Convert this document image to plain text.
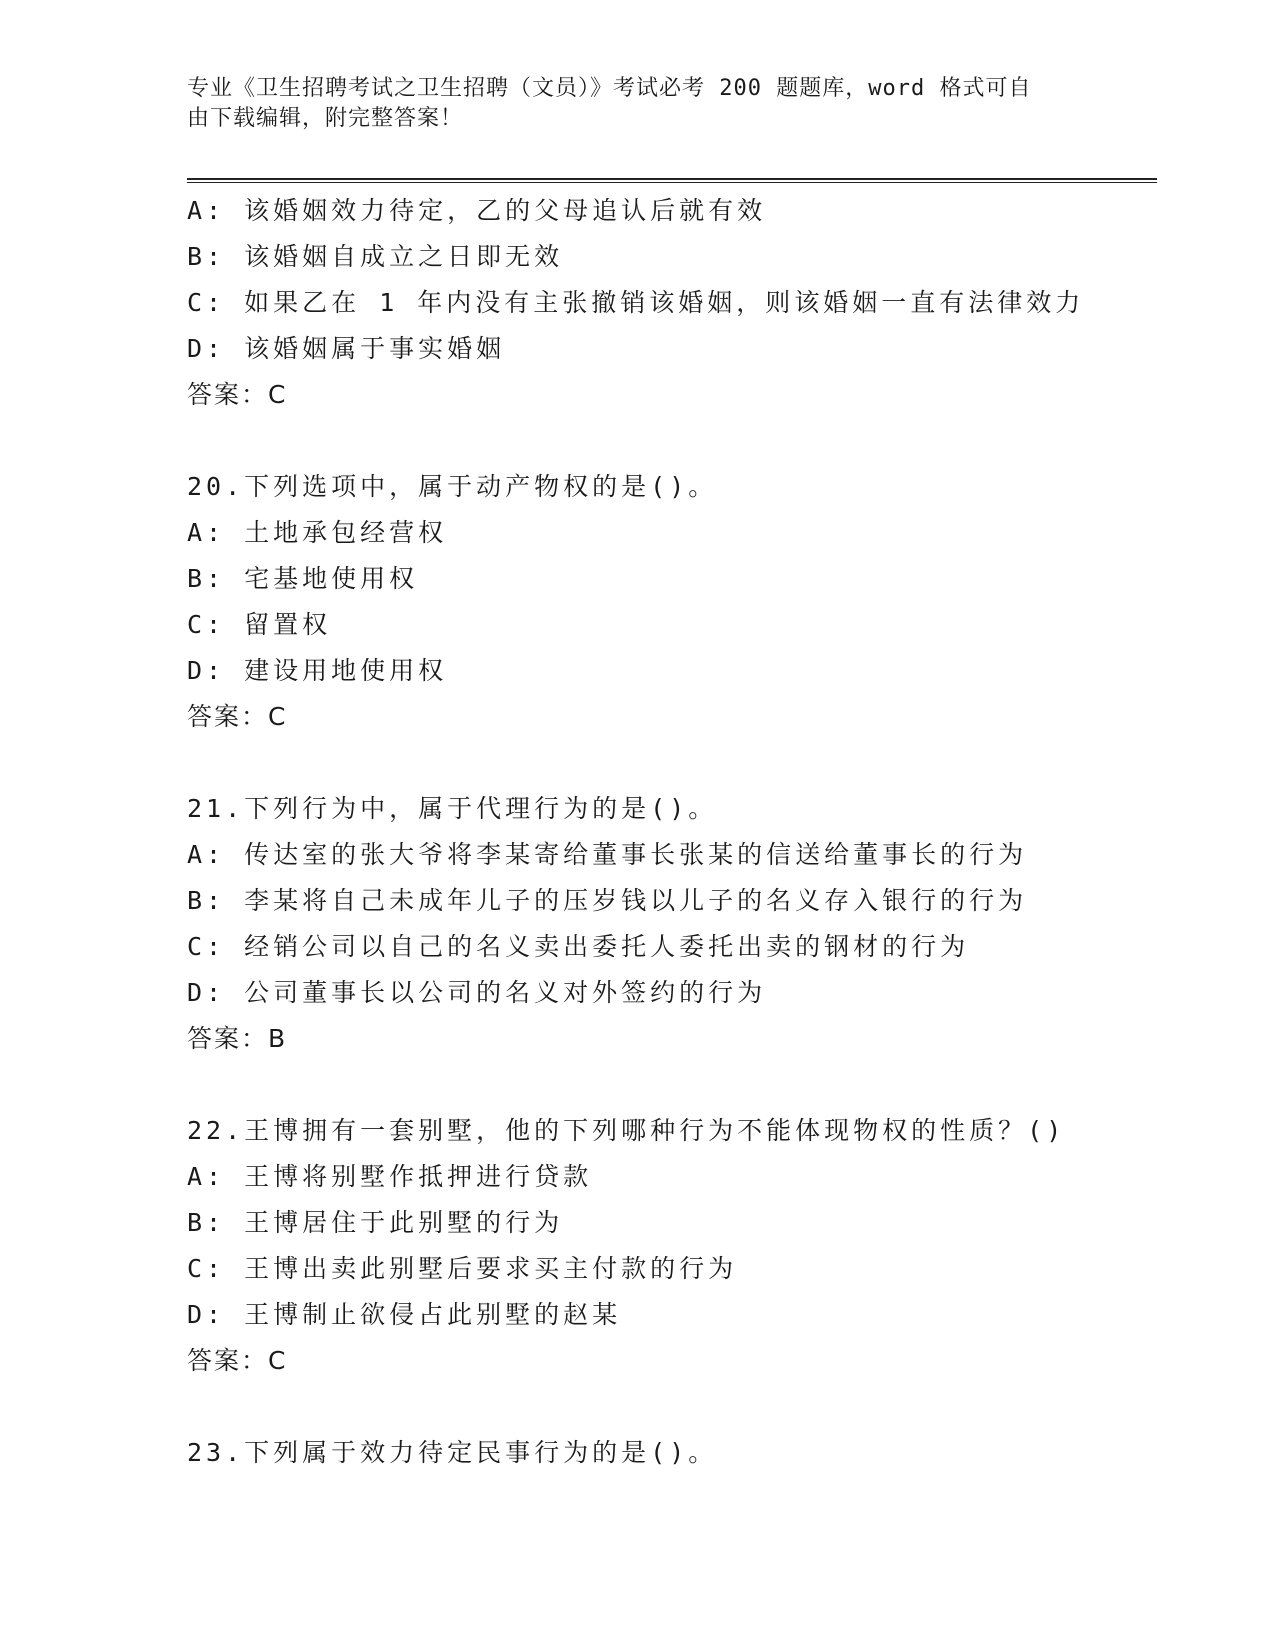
专业《卫生招聘考试之卫生招聘（文员）》考试必考 200 题题库，word 格式可自
由下载编辑，附完整答案！
A: 该婚姻效力待定，乙的父母追认后就有效
B: 该婚姻自成立之日即无效
C: 如果乙在 1 年内没有主张撤销该婚姻，则该婚姻一直有法律效力
D: 该婚姻属于事实婚姻
答案：C
20.下列选项中，属于动产物权的是()。
A: 土地承包经营权
B: 宅基地使用权
C: 留置权
D: 建设用地使用权
答案：C
21.下列行为中，属于代理行为的是()。
A: 传达室的张大爷将李某寄给董事长张某的信送给董事长的行为
B: 李某将自己未成年儿子的压岁钱以儿子的名义存入银行的行为
C: 经销公司以自己的名义卖出委托人委托出卖的钢材的行为
D: 公司董事长以公司的名义对外签约的行为
答案：B
22.王博拥有一套别墅，他的下列哪种行为不能体现物权的性质？()
A: 王博将别墅作抵押进行贷款
B: 王博居住于此别墅的行为
C: 王博出卖此别墅后要求买主付款的行为
D: 王博制止欲侵占此别墅的赵某
答案：C
23.下列属于效力待定民事行为的是()。
